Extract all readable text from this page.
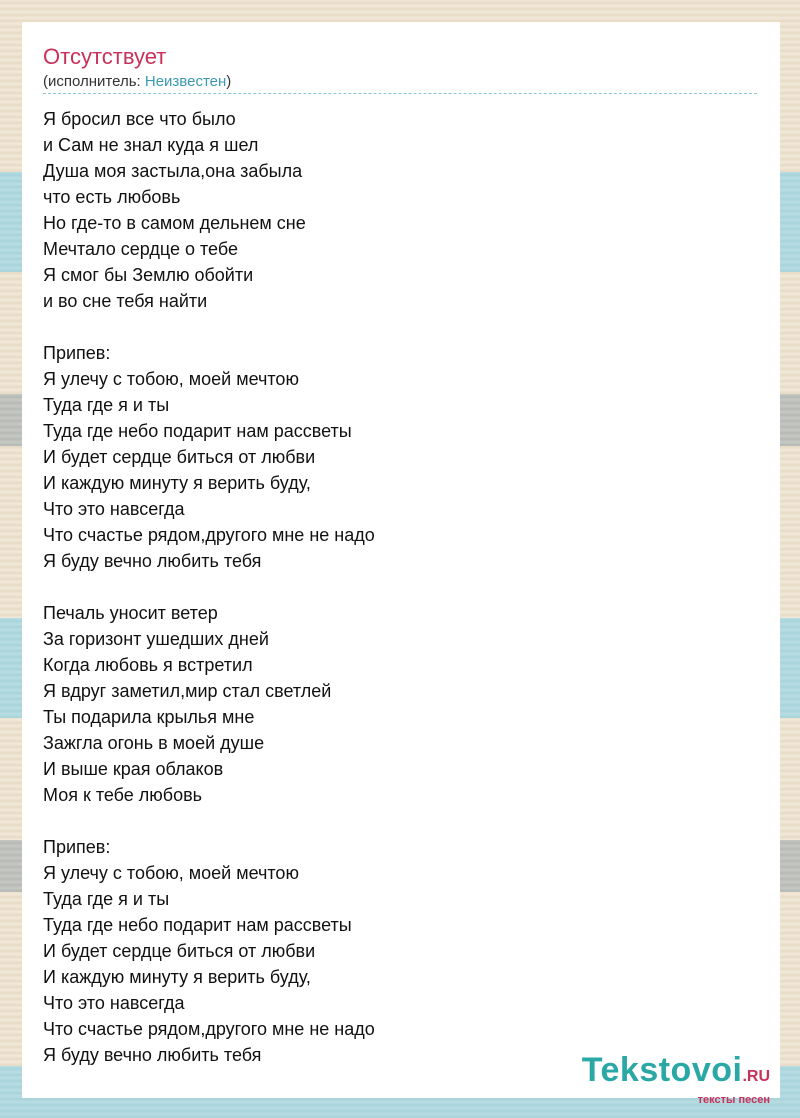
Отсутствует
(исполнитель: Неизвестен)
Я бросил все что было
и Сам не знал куда я шел
Душа моя застыла,она забыла
что есть любовь
Но где-то в самом дельнем сне
Мечтало сердце о тебе
Я смог бы Землю обойти
и во сне тебя найти

Припев:
Я улечу с тобою, моей мечтою
Туда где я и ты
Туда где небо подарит нам рассветы
И будет сердце биться от любви
И каждую минуту я верить буду,
Что это навсегда
Что счастье рядом,другого мне не надо
Я буду вечно любить тебя

Печаль уносит ветер
За горизонт ушедших дней
Когда любовь я встретил
Я вдруг заметил,мир стал светлей
Ты подарила крылья мне
Зажгла огонь в моей душе
И выше края облаков
Моя к тебе любовь

Припев:
Я улечу с тобою, моей мечтою
Туда где я и ты
Туда где небо подарит нам рассветы
И будет сердце биться от любви
И каждую минуту я верить буду,
Что это навсегда
Что счастье рядом,другого мне не надо
Я буду вечно любить тебя	Tekstovoi.RU
тексты песен
